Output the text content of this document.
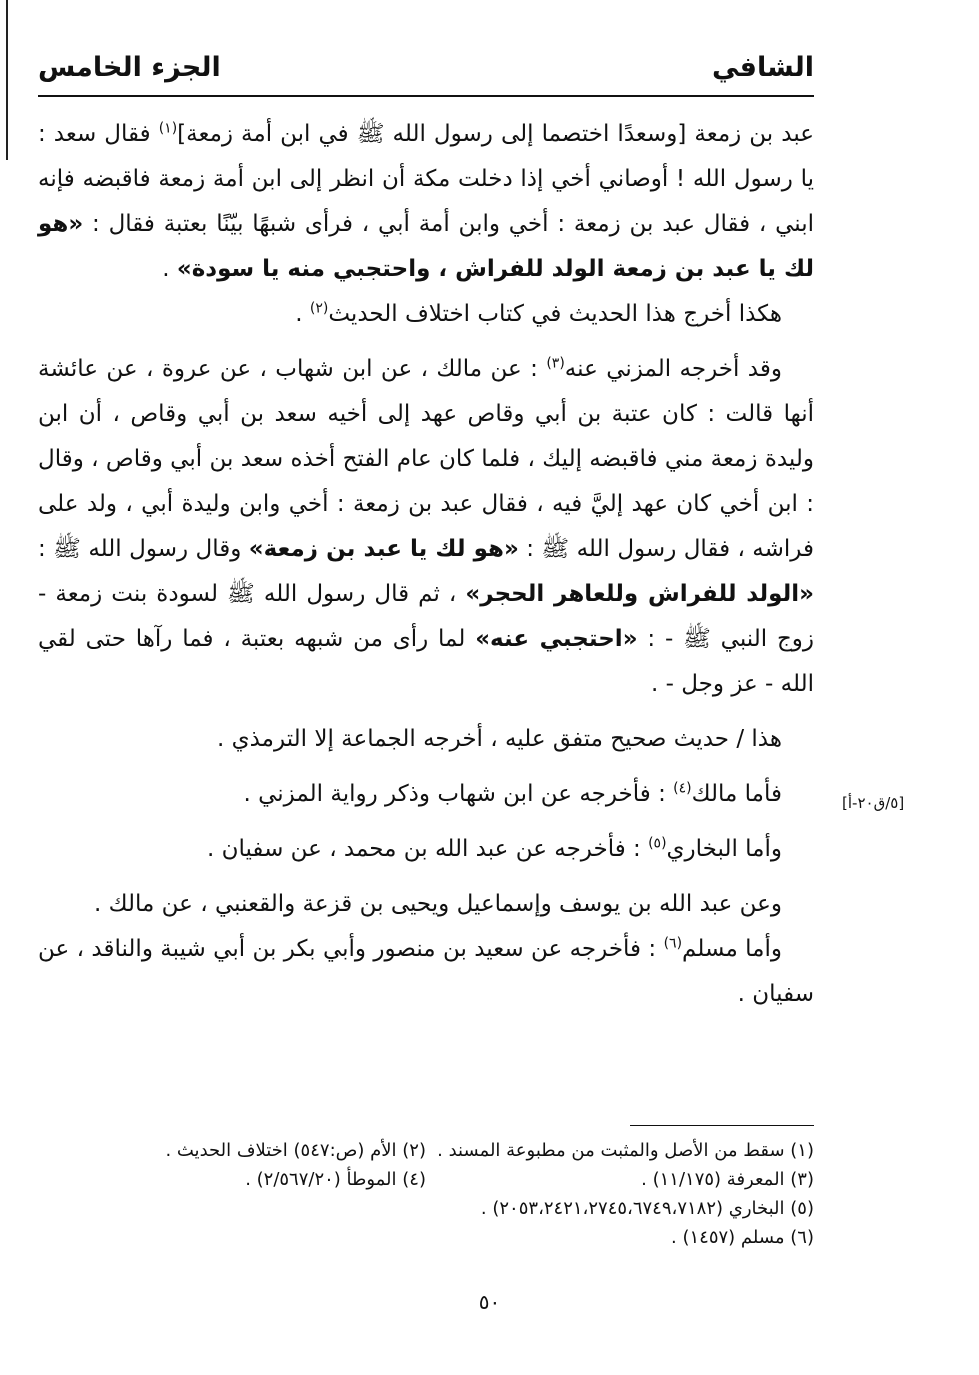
الشافي
الجزء الخامس
[٥/ق٢٠-أ]

عبد بن زمعة [وسعدًا اختصما إلى رسول الله ﷺ في ابن أمة زمعة]$^{(١)}$ فقال سعد : يا رسول الله ! أوصاني أخي إذا دخلت مكة أن انظر إلى ابن أمة زمعة فاقبضه فإنه ابني ، فقال عبد بن زمعة : أخي وابن أمة أبي ، فرأى شبهًا بيّنًا بعتبة فقال : «هو لك يا عبد بن زمعة الولد للفراش ، واحتجبي منه يا سودة» .

هكذا أخرج هذا الحديث في كتاب اختلاف الحديث$^{(٢)}$ .

وقد أخرجه المزني عنه$^{(٣)}$ : عن مالك ، عن ابن شهاب ، عن عروة ، عن عائشة أنها قالت : كان عتبة بن أبي وقاص عهد إلى أخيه سعد بن أبي وقاص ، أن ابن وليدة زمعة مني فاقبضه إليك ، فلما كان عام الفتح أخذه سعد بن أبي وقاص ، وقال : ابن أخي كان عهد إليَّ فيه ، فقال عبد بن زمعة : أخي وابن وليدة أبي ، ولد على فراشه ، فقال رسول الله ﷺ : «هو لك يا عبد بن زمعة» وقال رسول الله ﷺ : «الولد للفراش وللعاهر الحجر» ، ثم قال رسول الله ﷺ لسودة بنت زمعة - زوج النبي ﷺ - : «احتجبي عنه» لما رأى من شبهه بعتبة ، فما رآها حتى لقي الله - عز وجل - .

هذا / حديث صحيح متفق عليه ، أخرجه الجماعة إلا الترمذي .

فأما مالك$^{(٤)}$ : فأخرجه عن ابن شهاب وذكر رواية المزني .

وأما البخاري$^{(٥)}$ : فأخرجه عن عبد الله بن محمد ، عن سفيان .

وعن عبد الله بن يوسف وإسماعيل ويحيى بن قزعة والقعنبي ، عن مالك .

وأما مسلم$^{(٦)}$ : فأخرجه عن سعيد بن منصور وأبي بكر بن أبي شيبة والناقد ، عن سفيان .

(١) سقط من الأصل والمثبت من مطبوعة المسند .
(٢) الأم (ص:٥٤٧) اختلاف الحديث .
(٣) المعرفة (١١/١٧٥) .
(٤) الموطأ (٢/٥٦٧/٢٠) .
(٥) البخاري (٢٠٥٣،٢٤٢١،٢٧٤٥،٦٧٤٩،٧١٨٢) .
(٦) مسلم (١٤٥٧) .
٥٠
